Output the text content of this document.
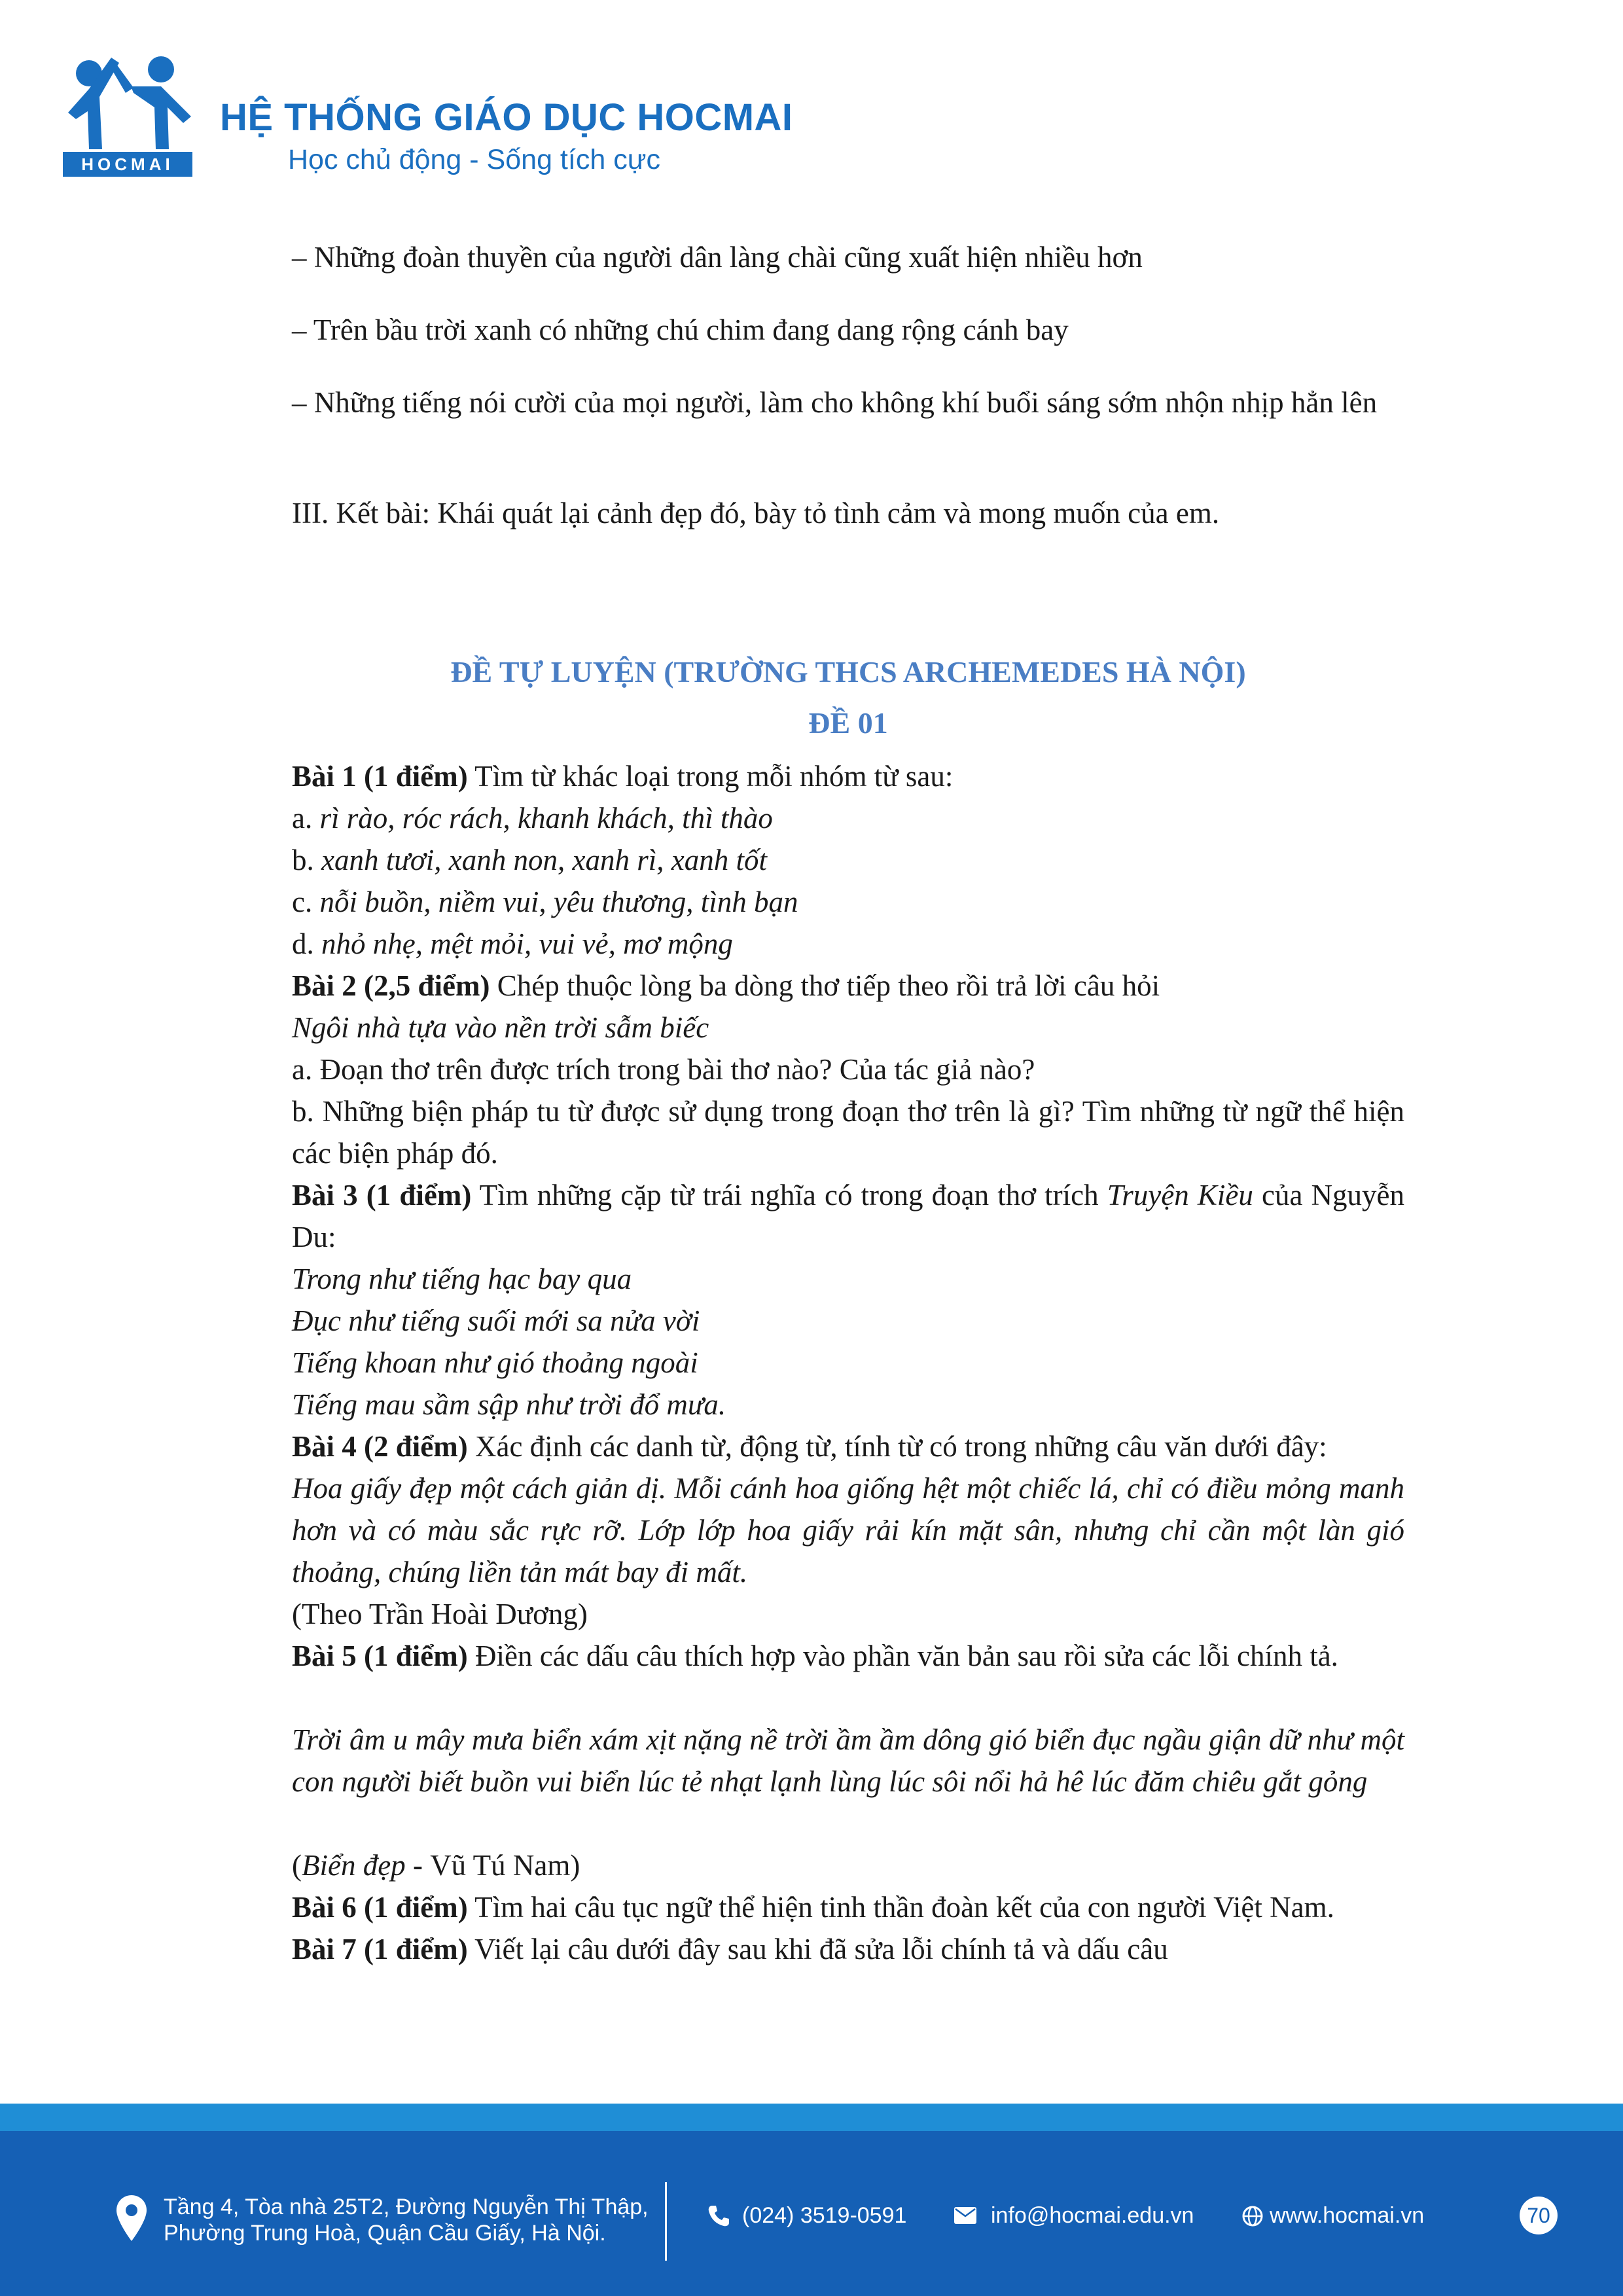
HOCMAI
HỆ THỐNG GIÁO DỤC HOCMAI
Học chủ động - Sống tích cực

– Những đoàn thuyền của người dân làng chài cũng xuất hiện nhiều hơn

– Trên bầu trời xanh có những chú chim đang dang rộng cánh bay

– Những tiếng nói cười của mọi người, làm cho không khí buổi sáng sớm nhộn nhịp hẳn lên

III. Kết bài: Khái quát lại cảnh đẹp đó, bày tỏ tình cảm và mong muốn của em.

ĐỀ TỰ LUYỆN (TRƯỜNG THCS ARCHEMEDES HÀ NỘI)
ĐỀ 01

Bài 1 (1 điểm) Tìm từ khác loại trong mỗi nhóm từ sau:

a. rì rào, róc rách, khanh khách, thì thào

b. xanh tươi, xanh non, xanh rì, xanh tốt

c. nỗi buồn, niềm vui, yêu thương, tình bạn

d. nhỏ nhẹ, mệt mỏi, vui vẻ, mơ mộng

Bài 2 (2,5 điểm) Chép thuộc lòng ba dòng thơ tiếp theo rồi trả lời câu hỏi

Ngôi nhà tựa vào nền trời sẫm biếc

a. Đoạn thơ trên được trích trong bài thơ nào? Của tác giả nào?

b. Những biện pháp tu từ được sử dụng trong đoạn thơ trên là gì? Tìm những từ ngữ thể hiện các biện pháp đó.

Bài 3 (1 điểm) Tìm những cặp từ trái nghĩa có trong đoạn thơ trích Truyện Kiều của Nguyễn Du:

Trong như tiếng hạc bay qua

Đục như tiếng suối mới sa nửa vời

Tiếng khoan như gió thoảng ngoài

Tiếng mau sầm sập như trời đổ mưa.

Bài 4 (2 điểm) Xác định các danh từ, động từ, tính từ có trong những câu văn dưới đây:

Hoa giấy đẹp một cách giản dị. Mỗi cánh hoa giống hệt một chiếc lá, chỉ có điều mỏng manh hơn và có màu sắc rực rỡ. Lớp lớp hoa giấy rải kín mặt sân, nhưng chỉ cần một làn gió thoảng, chúng liền tản mát bay đi mất.

(Theo Trần Hoài Dương)

Bài 5 (1 điểm) Điền các dấu câu thích hợp vào phần văn bản sau rồi sửa các lỗi chính tả.

Trời âm u mây mưa biển xám xịt nặng nề trời ầm ầm dông gió biển đục ngầu giận dữ như một con người biết buồn vui biển lúc tẻ nhạt lạnh lùng lúc sôi nổi hả hê lúc đăm chiêu gắt gỏng

(Biển đẹp - Vũ Tú Nam)

Bài 6 (1 điểm) Tìm hai câu tục ngữ thể hiện tinh thần đoàn kết của con người Việt Nam.

Bài 7 (1 điểm) Viết lại câu dưới đây sau khi đã sửa lỗi chính tả và dấu câu

Tầng 4, Tòa nhà 25T2, Đường Nguyễn Thị Thập,
Phường Trung Hoà, Quận Cầu Giấy, Hà Nội.
(024) 3519-0591	info@hocmai.edu.vn	www.hocmai.vn	70
